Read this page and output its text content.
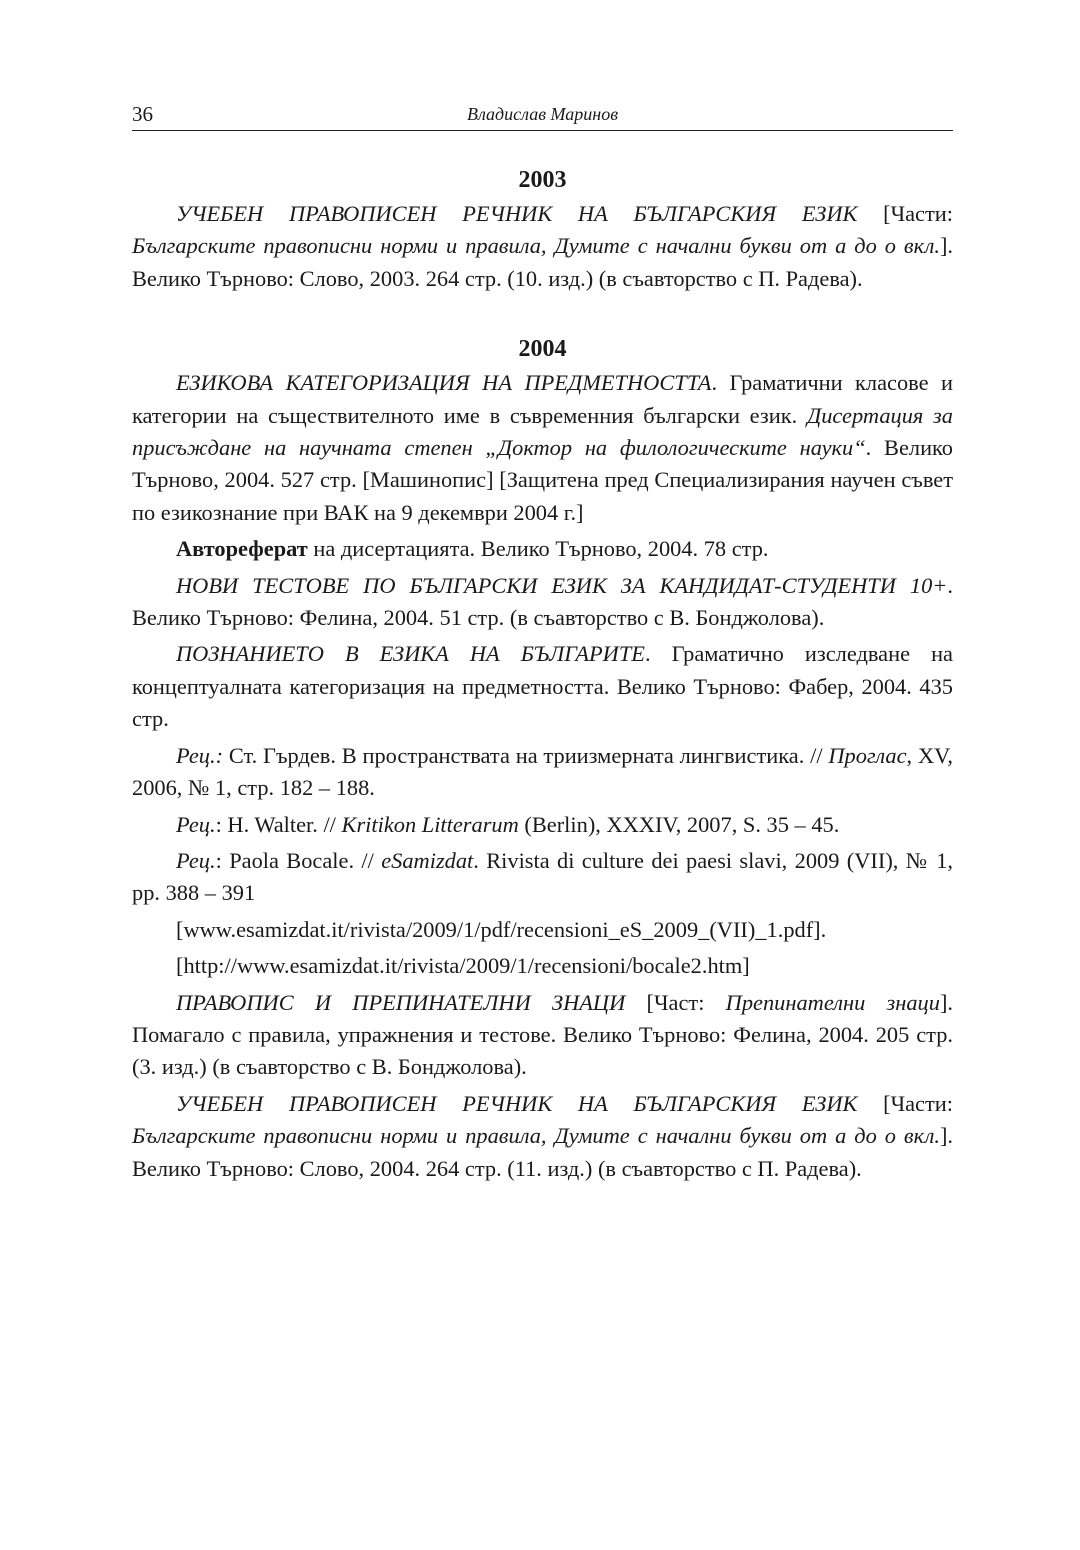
36	Владислав Маринов
2003

УЧЕБЕН ПРАВОПИСЕН РЕЧНИК НА БЪЛГАРСКИЯ ЕЗИК [Части: Българските правописни норми и правила, Думите с начални букви от а до о вкл.]. Велико Търново: Слово, 2003. 264 стр. (10. изд.) (в съавторство с П. Радева).

2004

ЕЗИКОВА КАТЕГОРИЗАЦИЯ НА ПРЕДМЕТНОСТТА. Граматични класове и категории на съществителното име в съвременния български език. Дисертация за присъждане на научната степен „Доктор на филологическите науки“. Велико Търново, 2004. 527 стр. [Машинопис] [Защитена пред Специализирания научен съвет по езикознание при ВАК на 9 декември 2004 г.]

Автореферат на дисертацията. Велико Търново, 2004. 78 стр.

НОВИ ТЕСТОВЕ ПО БЪЛГАРСКИ ЕЗИК ЗА КАНДИДАТ-СТУДЕНТИ 10+. Велико Търново: Фелина, 2004. 51 стр. (в съавторство с В. Бонджолова).

ПОЗНАНИЕТО В ЕЗИКА НА БЪЛГАРИТЕ. Граматично изследване на концептуалната категоризация на предметността. Велико Търново: Фабер, 2004. 435 стр.

Рец.: Ст. Гърдев. В пространствата на триизмерната лингвистика. // Проглас, XV, 2006, № 1, стр. 182 – 188.

Рец.: H. Walter. // Kritikon Litterarum (Berlin), XXXIV, 2007, S. 35 – 45.

Рец.: Paola Bocale. // eSamizdat. Rivista di culture dei paesi slavi, 2009 (VII), № 1, pp. 388 – 391

[www.esamizdat.it/rivista/2009/1/pdf/recensioni_eS_2009_(VII)_1.pdf].

[http://www.esamizdat.it/rivista/2009/1/recensioni/bocale2.htm]

ПРАВОПИС И ПРЕПИНАТЕЛНИ ЗНАЦИ [Част: Препинателни знаци]. Помагало с правила, упражнения и тестове. Велико Търново: Фелина, 2004. 205 стр. (3. изд.) (в съавторство с В. Бонджолова).

УЧЕБЕН ПРАВОПИСЕН РЕЧНИК НА БЪЛГАРСКИЯ ЕЗИК [Части: Българските правописни норми и правила, Думите с начални букви от а до о вкл.]. Велико Търново: Слово, 2004. 264 стр. (11. изд.) (в съавторство с П. Радева).
